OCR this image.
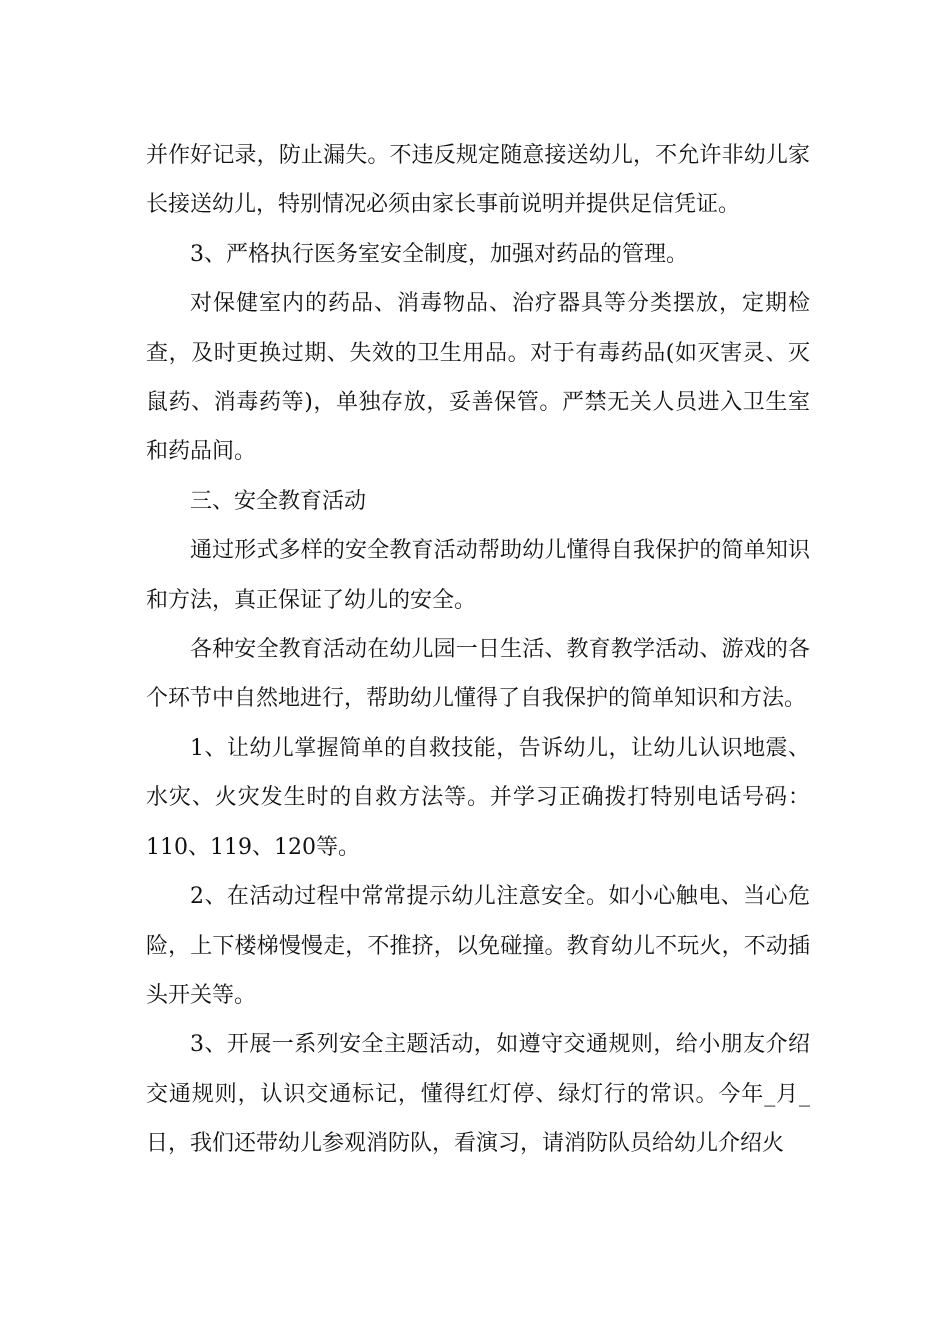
并作好记录，防止漏失。不违反规定随意接送幼儿，不允许非幼儿家长接送幼儿，特别情况必须由家长事前说明并提供足信凭证。

3、严格执行医务室安全制度，加强对药品的管理。

对保健室内的药品、消毒物品、治疗器具等分类摆放，定期检查，及时更换过期、失效的卫生用品。对于有毒药品(如灭害灵、灭鼠药、消毒药等)，单独存放，妥善保管。严禁无关人员进入卫生室和药品间。

三、安全教育活动

通过形式多样的安全教育活动帮助幼儿懂得自我保护的简单知识和方法，真正保证了幼儿的安全。

各种安全教育活动在幼儿园一日生活、教育教学活动、游戏的各个环节中自然地进行，帮助幼儿懂得了自我保护的简单知识和方法。

1、让幼儿掌握简单的自救技能，告诉幼儿，让幼儿认识地震、水灾、火灾发生时的自救方法等。并学习正确拨打特别电话号码：110、119、120等。

2、在活动过程中常常提示幼儿注意安全。如小心触电、当心危险，上下楼梯慢慢走，不推挤，以免碰撞。教育幼儿不玩火，不动插头开关等。

3、开展一系列安全主题活动，如遵守交通规则，给小朋友介绍交通规则，认识交通标记，懂得红灯停、绿灯行的常识。今年_月_日，我们还带幼儿参观消防队，看演习，请消防队员给幼儿介绍火
